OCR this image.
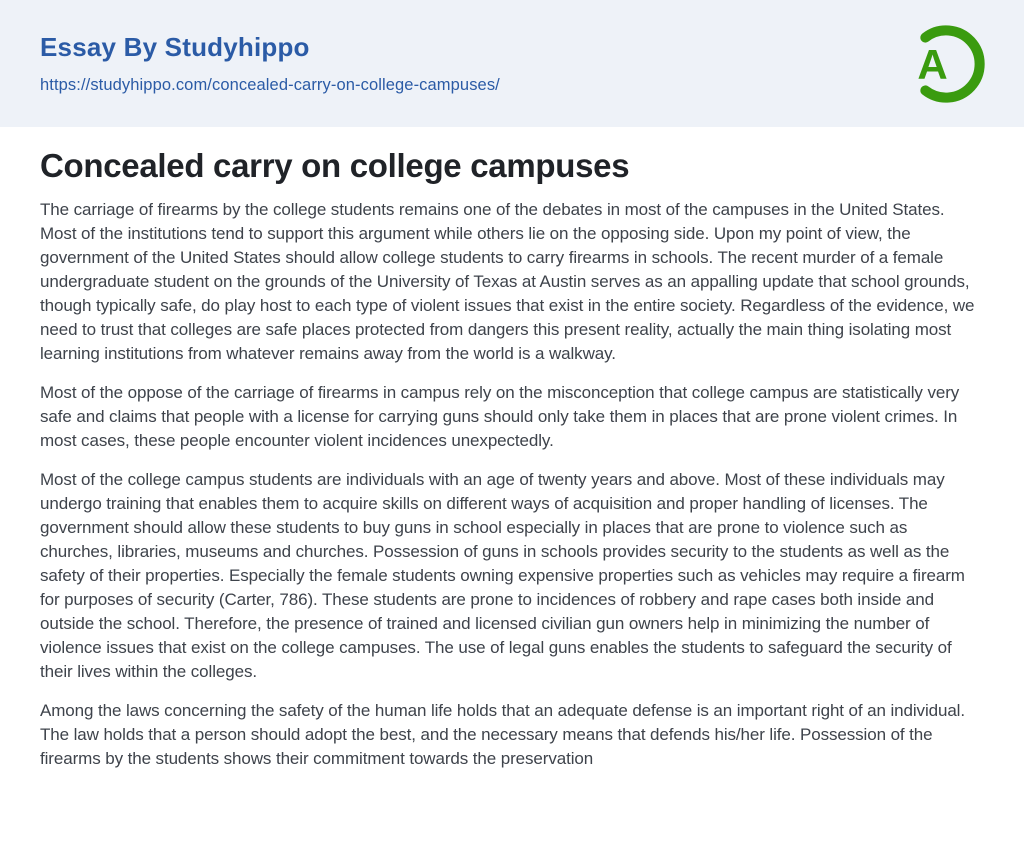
Essay By Studyhippo
https://studyhippo.com/concealed-carry-on-college-campuses/	A
Concealed carry on college campuses

The carriage of firearms by the college students remains one of the debates in most of the campuses in the United States. Most of the institutions tend to support this argument while others lie on the opposing side. Upon my point of view, the government of the United States should allow college students to carry firearms in schools. The recent murder of a female undergraduate student on the grounds of the University of Texas at Austin serves as an appalling update that school grounds, though typically safe, do play host to each type of violent issues that exist in the entire society. Regardless of the evidence, we need to trust that colleges are safe places protected from dangers this present reality, actually the main thing isolating most learning institutions from whatever remains away from the world is a walkway.

Most of the oppose of the carriage of firearms in campus rely on the misconception that college campus are statistically very safe and claims that people with a license for carrying guns should only take them in places that are prone violent crimes. In most cases, these people encounter violent incidences unexpectedly.

Most of the college campus students are individuals with an age of twenty years and above. Most of these individuals may undergo training that enables them to acquire skills on different ways of acquisition and proper handling of licenses. The government should allow these students to buy guns in school especially in places that are prone to violence such as churches, libraries, museums and churches. Possession of guns in schools provides security to the students as well as the safety of their properties. Especially the female students owning expensive properties such as vehicles may require a firearm for purposes of security (Carter, 786). These students are prone to incidences of robbery and rape cases both inside and outside the school. Therefore, the presence of trained and licensed civilian gun owners help in minimizing the number of violence issues that exist on the college campuses. The use of legal guns enables the students to safeguard the security of their lives within the colleges.

Among the laws concerning the safety of the human life holds that an adequate defense is an important right of an individual. The law holds that a person should adopt the best, and the necessary means that defends his/her life. Possession of the firearms by the students shows their commitment towards the preservation
